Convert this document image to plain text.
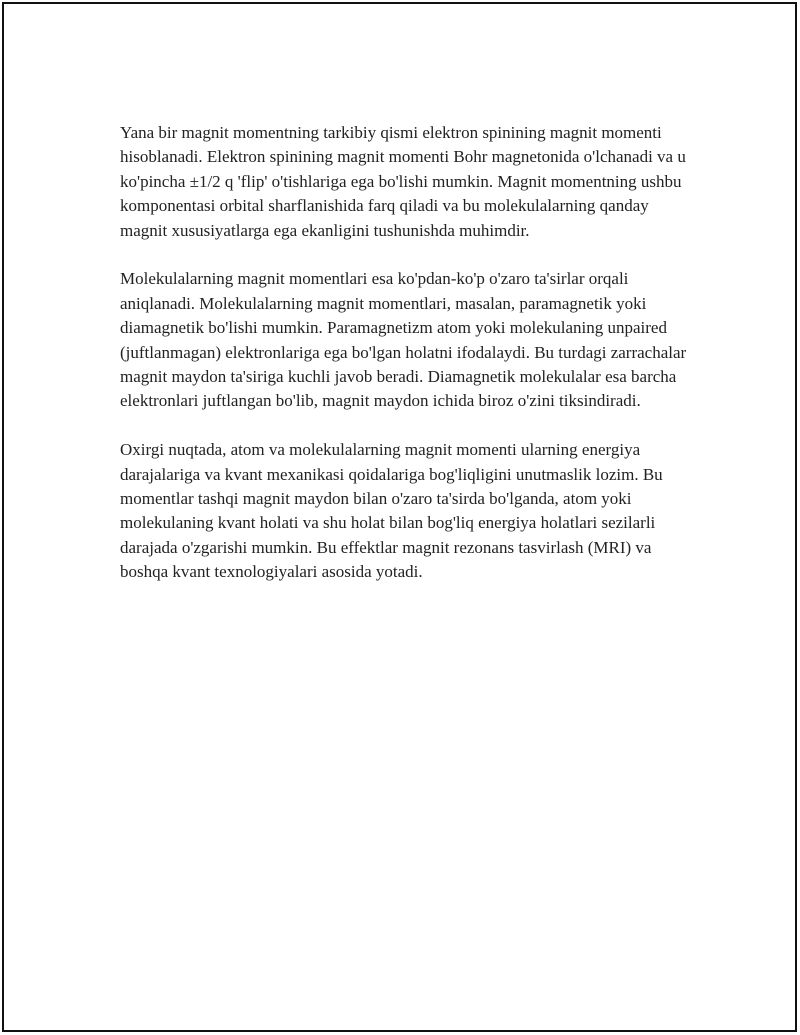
Yana bir magnit momentning tarkibiy qismi elektron spinining magnit momenti hisoblanadi. Elektron spinining magnit momenti Bohr magnetonida o'lchanadi va u ko'pincha ±1/2 q 'flip' o'tishlariga ega bo'lishi mumkin. Magnit momentning ushbu komponentasi orbital sharflanishida farq qiladi va bu molekulalarning qanday magnit xususiyatlarga ega ekanligini tushunishda muhimdir.

Molekulalarning magnit momentlari esa ko'pdan-ko'p o'zaro ta'sirlar orqali aniqlanadi. Molekulalarning magnit momentlari, masalan, paramagnetik yoki diamagnetik bo'lishi mumkin. Paramagnetizm atom yoki molekulaning unpaired (juftlanmagan) elektronlariga ega bo'lgan holatni ifodalaydi. Bu turdagi zarrachalar magnit maydon ta'siriga kuchli javob beradi. Diamagnetik molekulalar esa barcha elektronlari juftlangan bo'lib, magnit maydon ichida biroz o'zini tiksindiradi.

Oxirgi nuqtada, atom va molekulalarning magnit momenti ularning energiya darajalariga va kvant mexanikasi qoidalariga bog'liqligini unutmaslik lozim. Bu momentlar tashqi magnit maydon bilan o'zaro ta'sirda bo'lganda, atom yoki molekulaning kvant holati va shu holat bilan bog'liq energiya holatlari sezilarli darajada o'zgarishi mumkin. Bu effektlar magnit rezonans tasvirlash (MRI) va boshqa kvant texnologiyalari asosida yotadi.
